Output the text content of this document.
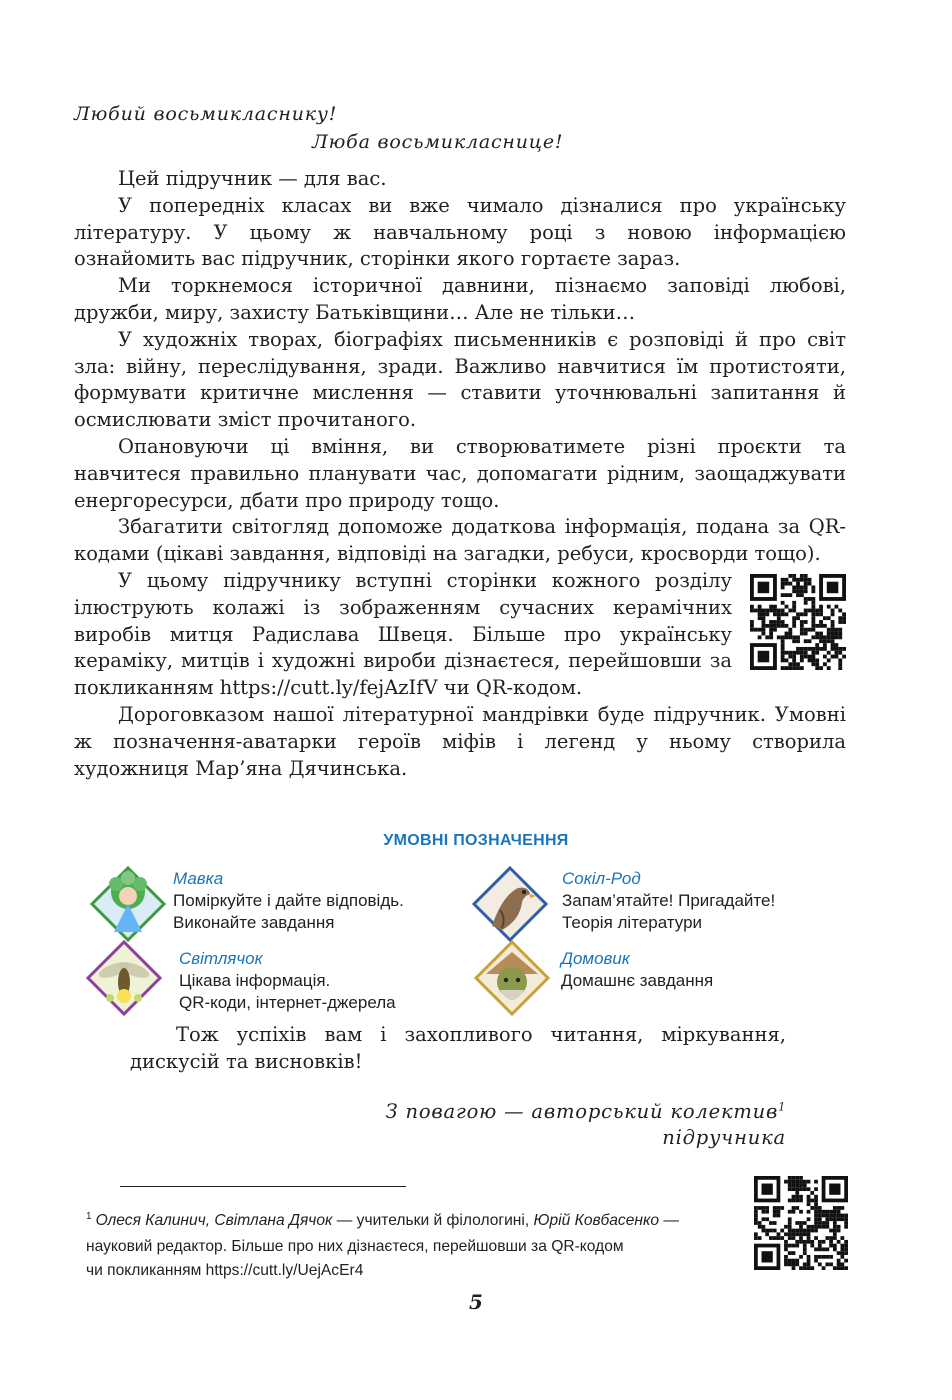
Любий восьмикласнику!
Люба восьмикласнице!

Цей підручник — для вас.

У попередніх класах ви вже чимало дізналися про українську літературу. У цьому ж навчальному році з новою інформацією ознайомить вас підручник, сторінки якого гортаєте зараз.

Ми торкнемося історичної давнини, пізнаємо заповіді любові, дружби, миру, захисту Батьківщини… Але не тільки…

У художніх творах, біографіях письменників є розповіді й про світ зла: війну, переслідування, зради. Важливо навчитися їм протистояти, формувати критичне мислення — ставити уточнювальні запитання й осмислювати зміст прочитаного.

Опановуючи ці вміння, ви створюватимете різні проєкти та навчитеся правильно планувати час, допомагати рідним, заощаджувати енергоресурси, дбати про природу тощо.

Збагатити світогляд допоможе додаткова інформація, подана за QR-кодами (цікаві завдання, відповіді на загадки, ребуси, кросворди тощо).

У цьому підручнику вступні сторінки кожного розділу ілюструють колажі із зображенням сучасних керамічних виробів митця Радислава Швеця. Більше про українську кераміку, митців і художні вироби дізнаєтеся, перейшовши за покликанням https://cutt.ly/fejAzIfV чи QR-кодом.

Дороговказом нашої літературної мандрівки буде підручник. Умовні ж позначення-аватарки героїв міфів і легенд у ньому створила художниця Мар’яна Дячинська.

УМОВНІ ПОЗНАЧЕННЯ
Мавка
Поміркуйте і дайте відповідь.
Виконайте завдання
Сокіл-Род
Запам’ятайте! Пригадайте!
Теорія літератури
Світлячок
Цікава інформація.
QR-коди, інтернет-джерела
Домовик
Домашнє завдання

Тож успіхів вам і захопливого читання, міркування, дискусій та висновків!

З повагою — авторський колектив$^1$
підручника
$^1$ Олеся Калинич, Світлана Дячок — учительки й філологині, Юрій Ковбасенко —
науковий редактор. Більше про них дізнаєтеся, перейшовши за QR-кодом
чи покликанням https://cutt.ly/UejAcEr4
5
